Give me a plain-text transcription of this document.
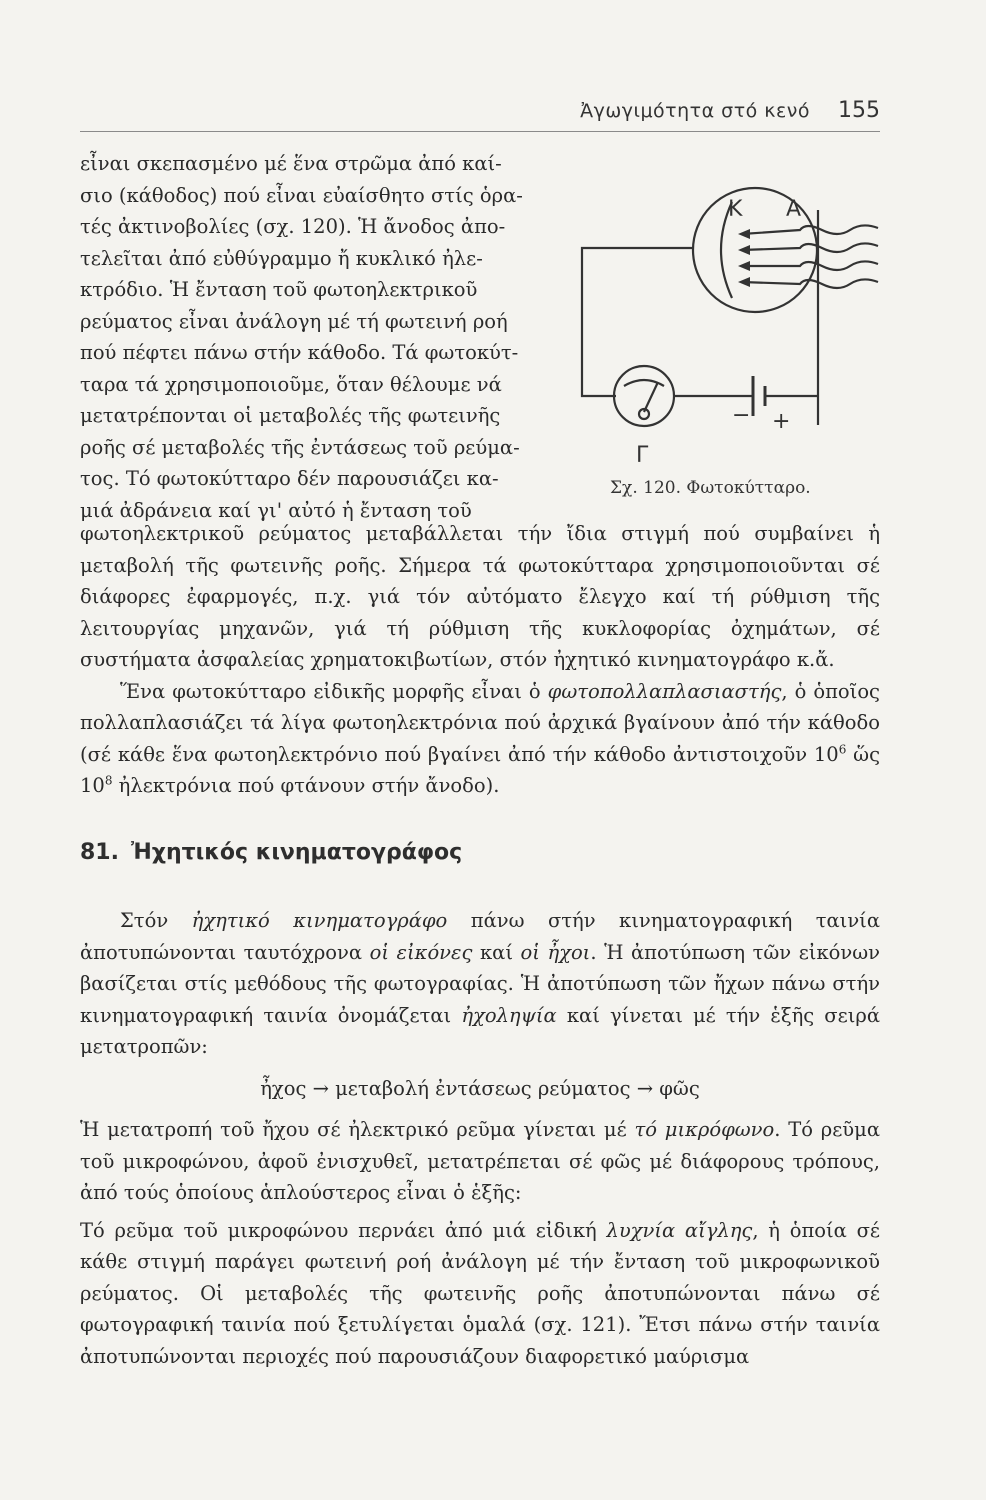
Ἀγωγιμότητα στό κενό 155
εἶναι σκεπασμένο μέ ἕνα στρῶμα ἀπό καί-
σιο (κάθοδος) πού εἶναι εὐαίσθητο στίς ὁρα-
τές ἀκτινοβολίες (σχ. 120). Ἡ ἄνοδος ἀπο-
τελεῖται ἀπό εὐθύγραμμο ἤ κυκλικό ἠλε-
κτρόδιο. Ἡ ἔνταση τοῦ φωτοηλεκτρικοῦ
ρεύματος εἶναι ἀνάλογη μέ τή φωτεινή ροή
πού πέφτει πάνω στήν κάθοδο. Τά φωτοκύτ-
ταρα τά χρησιμοποιοῦμε, ὅταν θέλουμε νά
μετατρέπονται οἱ μεταβολές τῆς φωτεινῆς
ροῆς σέ μεταβολές τῆς ἐντάσεως τοῦ ρεύμα-
τος. Τό φωτοκύτταρο δέν παρουσιάζει κα-
μιά ἀδράνεια καί γι' αὐτό ἡ ἔνταση τοῦ
Κ Α
Γ
− +
Σχ. 120. Φωτοκύτταρο.

φωτοηλεκτρικοῦ ρεύματος μεταβάλλεται τήν ἴδια στιγμή πού συμβαίνει ἡ μεταβολή τῆς φωτεινῆς ροῆς. Σήμερα τά φωτοκύτταρα χρησιμοποιοῦνται σέ διάφορες ἐφαρμογές, π.χ. γιά τόν αὐτόματο ἔλεγχο καί τή ρύθμιση τῆς λειτουργίας μηχανῶν, γιά τή ρύθμιση τῆς κυκλοφορίας ὀχημάτων, σέ συστήματα ἀσφαλείας χρηματοκιβωτίων, στόν ἠχητικό κινηματογράφο κ.ἄ.

Ἕνα φωτοκύτταρο εἰδικῆς μορφῆς εἶναι ὁ φωτοπολλαπλασιαστής, ὁ ὁποῖος πολλαπλασιάζει τά λίγα φωτοηλεκτρόνια πού ἀρχικά βγαίνουν ἀπό τήν κάθοδο (σέ κάθε ἕνα φωτοηλεκτρόνιο πού βγαίνει ἀπό τήν κάθοδο ἀντιστοιχοῦν $10^6$ ὥς $10^8$ ἠλεκτρόνια πού φτάνουν στήν ἄνοδο).

81. Ἠχητικός κινηματογράφος

Στόν ἠχητικό κινηματογράφο πάνω στήν κινηματογραφική ταινία ἀποτυπώνονται ταυτόχρονα οἱ εἰκόνες καί οἱ ἦχοι. Ἡ ἀποτύπωση τῶν εἰκόνων βασίζεται στίς μεθόδους τῆς φωτογραφίας. Ἡ ἀποτύπωση τῶν ἤχων πάνω στήν κινηματογραφική ταινία ὀνομάζεται ἠχοληψία καί γίνεται μέ τήν ἑξῆς σειρά μετατροπῶν:

ἦχος → μεταβολή ἐντάσεως ρεύματος → φῶς

Ἡ μετατροπή τοῦ ἤχου σέ ἠλεκτρικό ρεῦμα γίνεται μέ τό μικρόφωνο. Τό ρεῦμα τοῦ μικροφώνου, ἀφοῦ ἐνισχυθεῖ, μετατρέπεται σέ φῶς μέ διάφορους τρόπους, ἀπό τούς ὁποίους ἁπλούστερος εἶναι ὁ ἑξῆς:

Τό ρεῦμα τοῦ μικροφώνου περνάει ἀπό μιά εἰδική λυχνία αἴγλης, ἡ ὁποία σέ κάθε στιγμή παράγει φωτεινή ροή ἀνάλογη μέ τήν ἔνταση τοῦ μικροφωνικοῦ ρεύματος. Οἱ μεταβολές τῆς φωτεινῆς ροῆς ἀποτυπώνονται πάνω σέ φωτογραφική ταινία πού ξετυλίγεται ὁμαλά (σχ. 121). Ἔτσι πάνω στήν ταινία ἀποτυπώνονται περιοχές πού παρουσιάζουν διαφορετικό μαύρισμα
